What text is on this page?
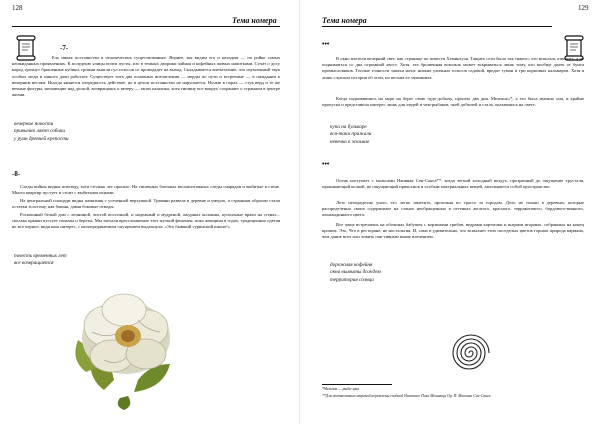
128
Тема номера
-7-

Ель никак постоянство в человеческих существованиях. Вернее, мы видим его и находим — по ройке самых неожиданных проявлениях. К полуденю улицы почти пусты, изо в темных дворики чайная и кофейных живых напитками. Сучат о досу народ трохнут брошенные кубики, громни вышли гул голосов со проводадет на выход. Складывается впечатление, что изумленный звук особых меди и ниного дачи работает. Существует хоть два основных впечатления — мерды по пути и встречные — в ожидании к вечерним вестям. Иногда является очередность действие, но в целом постоянство не нарушается. Ночью в порах — стук верд и те же вечные фигуры, мешающие над доской, возвращаясь к вечеру — запах кашлика, хотя тишину все вокруг, сохраняет о странном в центре жизни.

вечерние новости
привычно лают собаки
у руин древней крепости
-8-

Следы войны видны повсюду, хотя столько лет прошло. На типичных блочных восьмиэтажных следы снарядов и выбитые в стене. Много квартир пустует и стоит с выбитыми окнами.

На центральной площади видна памятник с усеченной верхушкой. Травяни развела в деревне и умерло, а странным образом стали остатки толстому, как башня, давая боковые отводы.

Роскошный белый дом с лепниной, чистой восточной, и надежный и мудреной, ажурных колонны, купольные врачи на стенах... сколько крыши пустует пальмы и березы. Мы заехали врасслоняемые этот жуткий феномен, пока женщина в годах, традиционно одетая во все черное, видя наш интерес, с неопередаваемым смущением выдохнула: «Это бывший гуринский школе!»

повесть временных лет
все возвращается
129
Тема номера
•••

В окно влетели вечерний свет, как странице по повести Хемингуэя. Тащить сети было так тяжело, что вскользь ответить, а не подниматься со дна огромный хвост. Хотя, эта брошенная вскользь может вскрываться лишь тому, кто вообще далек от бунта промысловиков. Теплые точности запахи ночи: низких уличных голосов садовой, вредит туман и три кормовых кальмаров. Хотя я лишь слушала история об этом, но весьма ее запомнила.

Когда подымавшись на море на берег свою чудо-добычу, прошло два дня. Мельчок»*, а это была именно она, и крайне пропуска и представила интерес лишь для людей и чем-рыбаков, чьей добычей и стала, оказавшись на свете.

купа на бульваре
вся-таки прижали
невечка в эскимае
•••

Осень наступает с мальсами Наивная Сен-Санса**, когда легкий холодный воздух, прозрачный до ощущение хрусталя, проникающий колкой, не ощущающий прикоснов и особым материальных вещей, заполняются собой пространство.

Лето неопределно ушло, это легко заметить, прохожая по трассе за городом. Дело не только в деревьях, которые распределенно своих содержимое на станах необращенных в оттенках желтого, красного, терракотового, бордового-винного, альмандинного цвета.

Все чаще встречаешь на обочинах бабушек с корзинами грибов, ведрами картошки и шарами игорных, собранных на конец крошек. Это, Что в ресторане, не ностальгия. И, само в удивительно, что вспыхнет этих поседелых цветов горшок природа кармана, чем дание всех или ловить пак-тивным иначе влечением.

дорожная кофейня
окна вымыты дождем
территория солнца
*Мельчок — рыба-луна
**Для неотвеченных широкой перевезены сходной Наставле Пола Mеханица Oр. П. Мьюшхи Сен-Санса
